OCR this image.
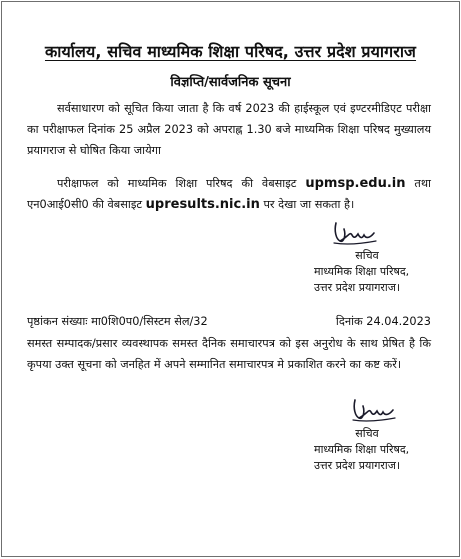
कार्यालय, सचिव माध्यमिक शिक्षा परिषद, उत्तर प्रदेश प्रयागराज
विज्ञप्ति/सार्वजनिक सूचना
सर्वसाधारण को सूचित किया जाता है कि वर्ष 2023 की हाईस्कूल एवं इण्टरमीडिएट परीक्षा का परीक्षाफल दिनांक 25 अप्रैल 2023 को अपराह्न 1.30 बजे माध्यमिक शिक्षा परिषद मुख्यालय प्रयागराज से घोषित किया जायेगा
परीक्षाफल को माध्यमिक शिक्षा परिषद की वेबसाइट upmsp.edu.in तथा एन0आई0सी0 की वेबसाइट upresults.nic.in पर देखा जा सकता है।
सचिव
माध्यमिक शिक्षा परिषद,
उत्तर प्रदेश प्रयागराज।
पृष्ठांकन संख्याः मा0शि0प0/सिस्टम सेल/32	दिनांक 24.04.2023
समस्त सम्पादक/प्रसार व्यवस्थापक समस्त दैनिक समाचारपत्र को इस अनुरोध के साथ प्रेषित है कि कृपया उक्त सूचना को जनहित में अपने सम्मानित समाचारपत्र मे प्रकाशित करने का कष्ट करें।
सचिव
माध्यमिक शिक्षा परिषद,
उत्तर प्रदेश प्रयागराज।
